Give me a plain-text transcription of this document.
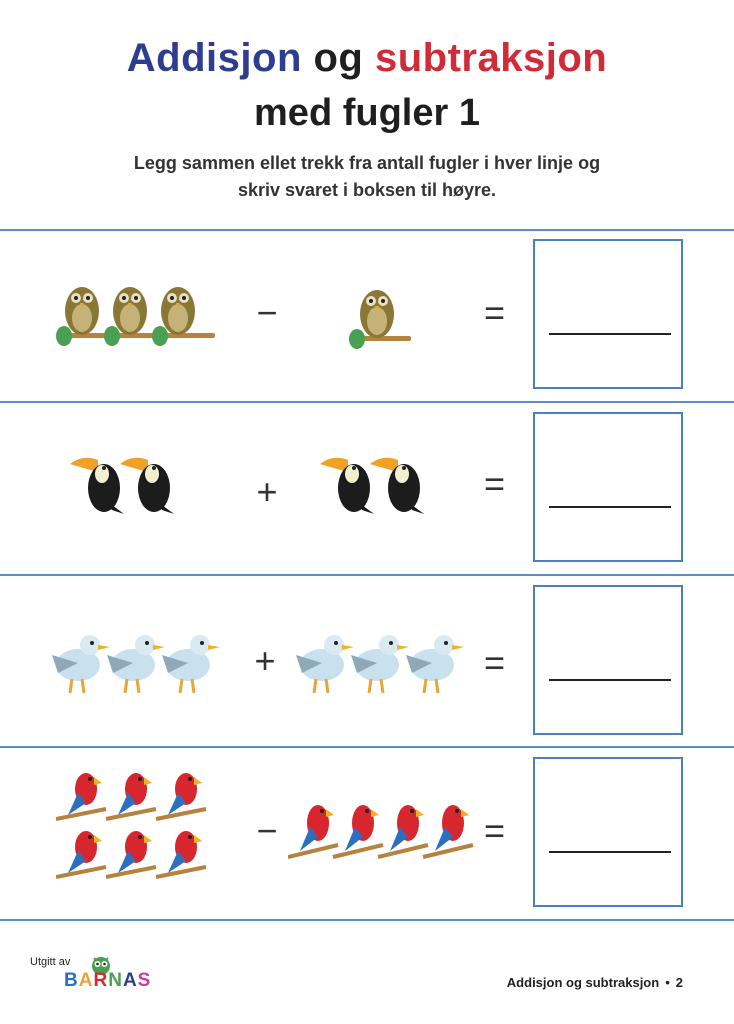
Addisjon og subtraksjon
med fugler 1
Legg sammen ellet trekk fra antall fugler i hver linje og
skriv svaret i boksen til høyre.
−	=
+	=
+	=
−	=
Utgitt av
BARNAS	Addisjon og subtraksjon • 2
